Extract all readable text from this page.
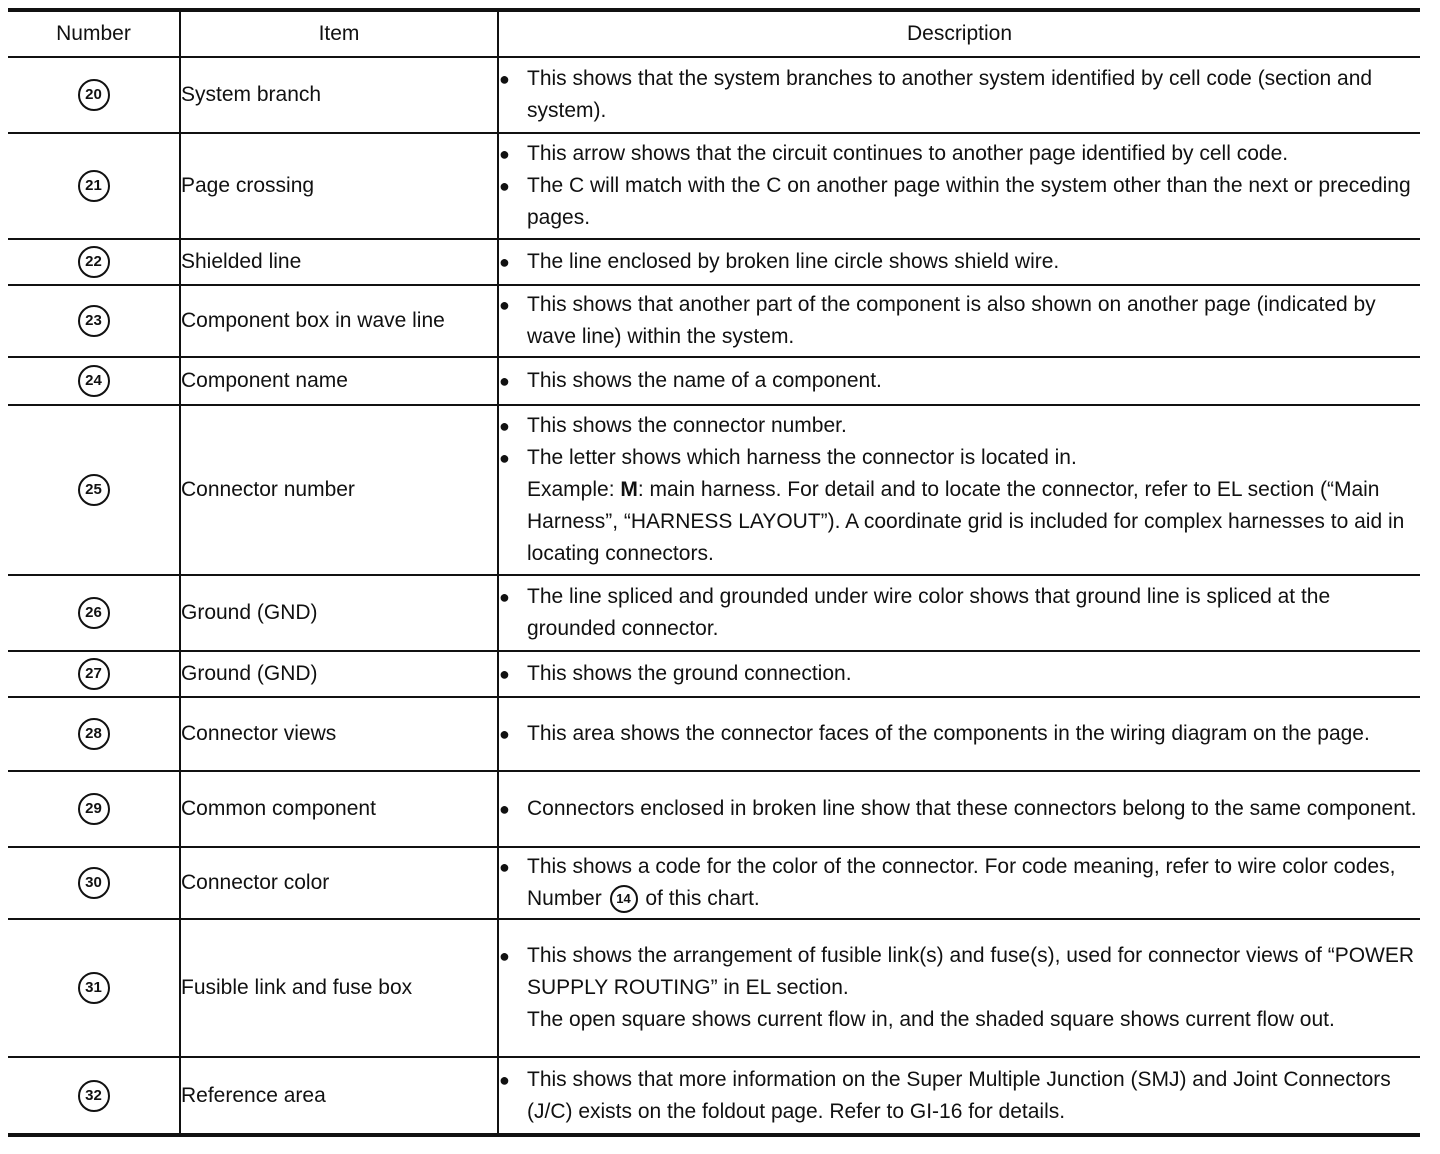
Number	Item	Description
20	System branch	● This shows that the system branches to another system identified by cell code (section and system).

21	Page crossing	● This arrow shows that the circuit continues to another page identified by cell code.
● The C will match with the C on another page within the system other than the next or preceding pages.

22	Shielded line	● The line enclosed by broken line circle shows shield wire.

23	Component box in wave line	● This shows that another part of the component is also shown on another page (indicated by wave line) within the system.

24	Component name	● This shows the name of a component.

25	Connector number	● This shows the connector number.
● The letter shows which harness the connector is located in.
Example: M: main harness. For detail and to locate the connector, refer to EL section (“Main Harness”, “HARNESS LAYOUT”). A coordinate grid is included for complex harnesses to aid in locating connectors.

26	Ground (GND)	● The line spliced and grounded under wire color shows that ground line is spliced at the grounded connector.

27	Ground (GND)	● This shows the ground connection.

28	Connector views	● This area shows the connector faces of the components in the wiring diagram on the page.

29	Common component	● Connectors enclosed in broken line show that these connectors belong to the same component.

30	Connector color	● This shows a code for the color of the connector. For code meaning, refer to wire color codes, Number 14 of this chart.

31	Fusible link and fuse box	● This shows the arrangement of fusible link(s) and fuse(s), used for connector views of “POWER SUPPLY ROUTING” in EL section.
The open square shows current flow in, and the shaded square shows current flow out.

32	Reference area	● This shows that more information on the Super Multiple Junction (SMJ) and Joint Connectors (J/C) exists on the foldout page. Refer to GI-16 for details.
